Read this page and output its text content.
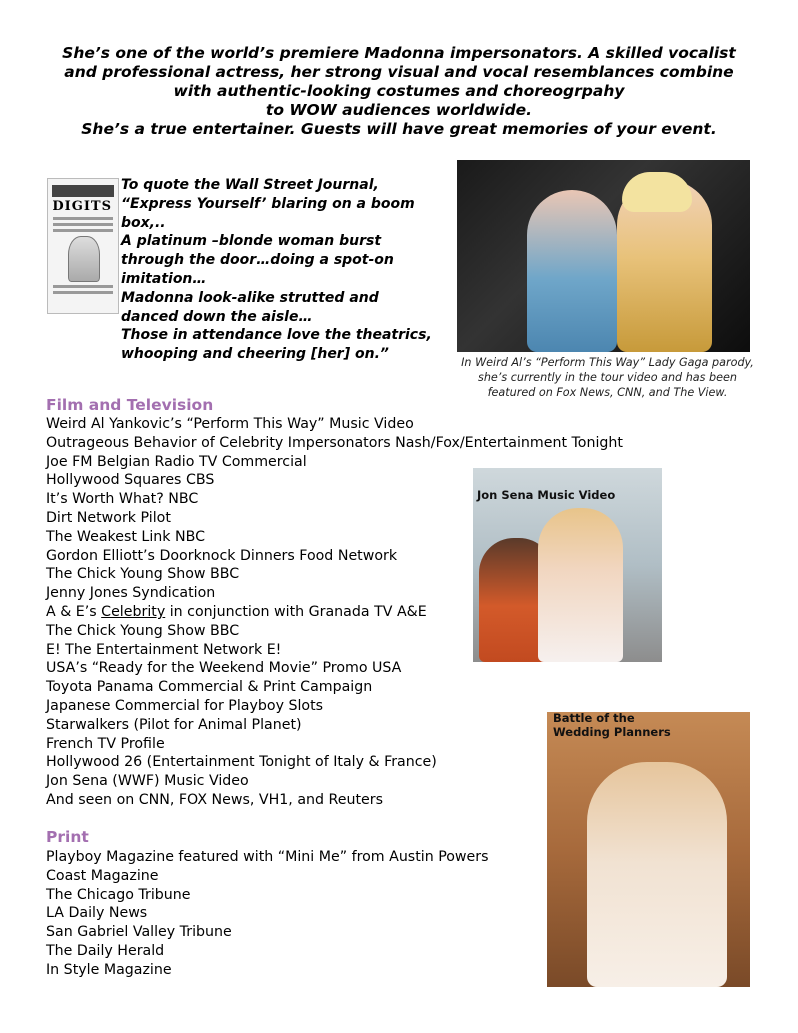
She’s one of the world’s premiere Madonna impersonators. A skilled vocalist
and professional actress, her strong visual and vocal resemblances combine
with authentic-looking costumes and choreogrpahy
to WOW audiences worldwide.
She’s a true entertainer. Guests will have great memories of your event.
DIGITS
To quote the Wall Street Journal,
“Express Yourself’ blaring on a boom
box,..
A platinum –blonde woman burst
through the door…doing a spot-on
imitation…
Madonna look-alike strutted and
danced down the aisle…
Those in attendance love the theatrics,
whooping and cheering [her] on.”
In Weird Al’s “Perform This Way” Lady Gaga parody,
she’s currently in the tour video and has been
featured on Fox News, CNN, and The View.
Film and Television
Weird Al Yankovic’s “Perform This Way” Music Video
Outrageous Behavior of Celebrity Impersonators Nash/Fox/Entertainment Tonight
Joe FM Belgian Radio TV Commercial
Hollywood Squares CBS
It’s Worth What? NBC
Dirt Network Pilot
The Weakest Link NBC
Gordon Elliott’s Doorknock Dinners Food Network
The Chick Young Show BBC
Jenny Jones Syndication
A & E’s Celebrity in conjunction with Granada TV A&E
The Chick Young Show BBC
E! The Entertainment Network E!
USA’s “Ready for the Weekend Movie” Promo USA
Toyota Panama Commercial & Print Campaign
Japanese Commercial for Playboy Slots
Starwalkers (Pilot for Animal Planet)
French TV Profile
Hollywood 26 (Entertainment Tonight of Italy & France)
Jon Sena (WWF) Music Video
And seen on CNN, FOX News, VH1, and Reuters
Jon Sena Music Video
Battle of the
Wedding Planners
Print
Playboy Magazine featured with “Mini Me” from Austin Powers
Coast Magazine
The Chicago Tribune
LA Daily News
San Gabriel Valley Tribune
The Daily Herald
In Style Magazine
